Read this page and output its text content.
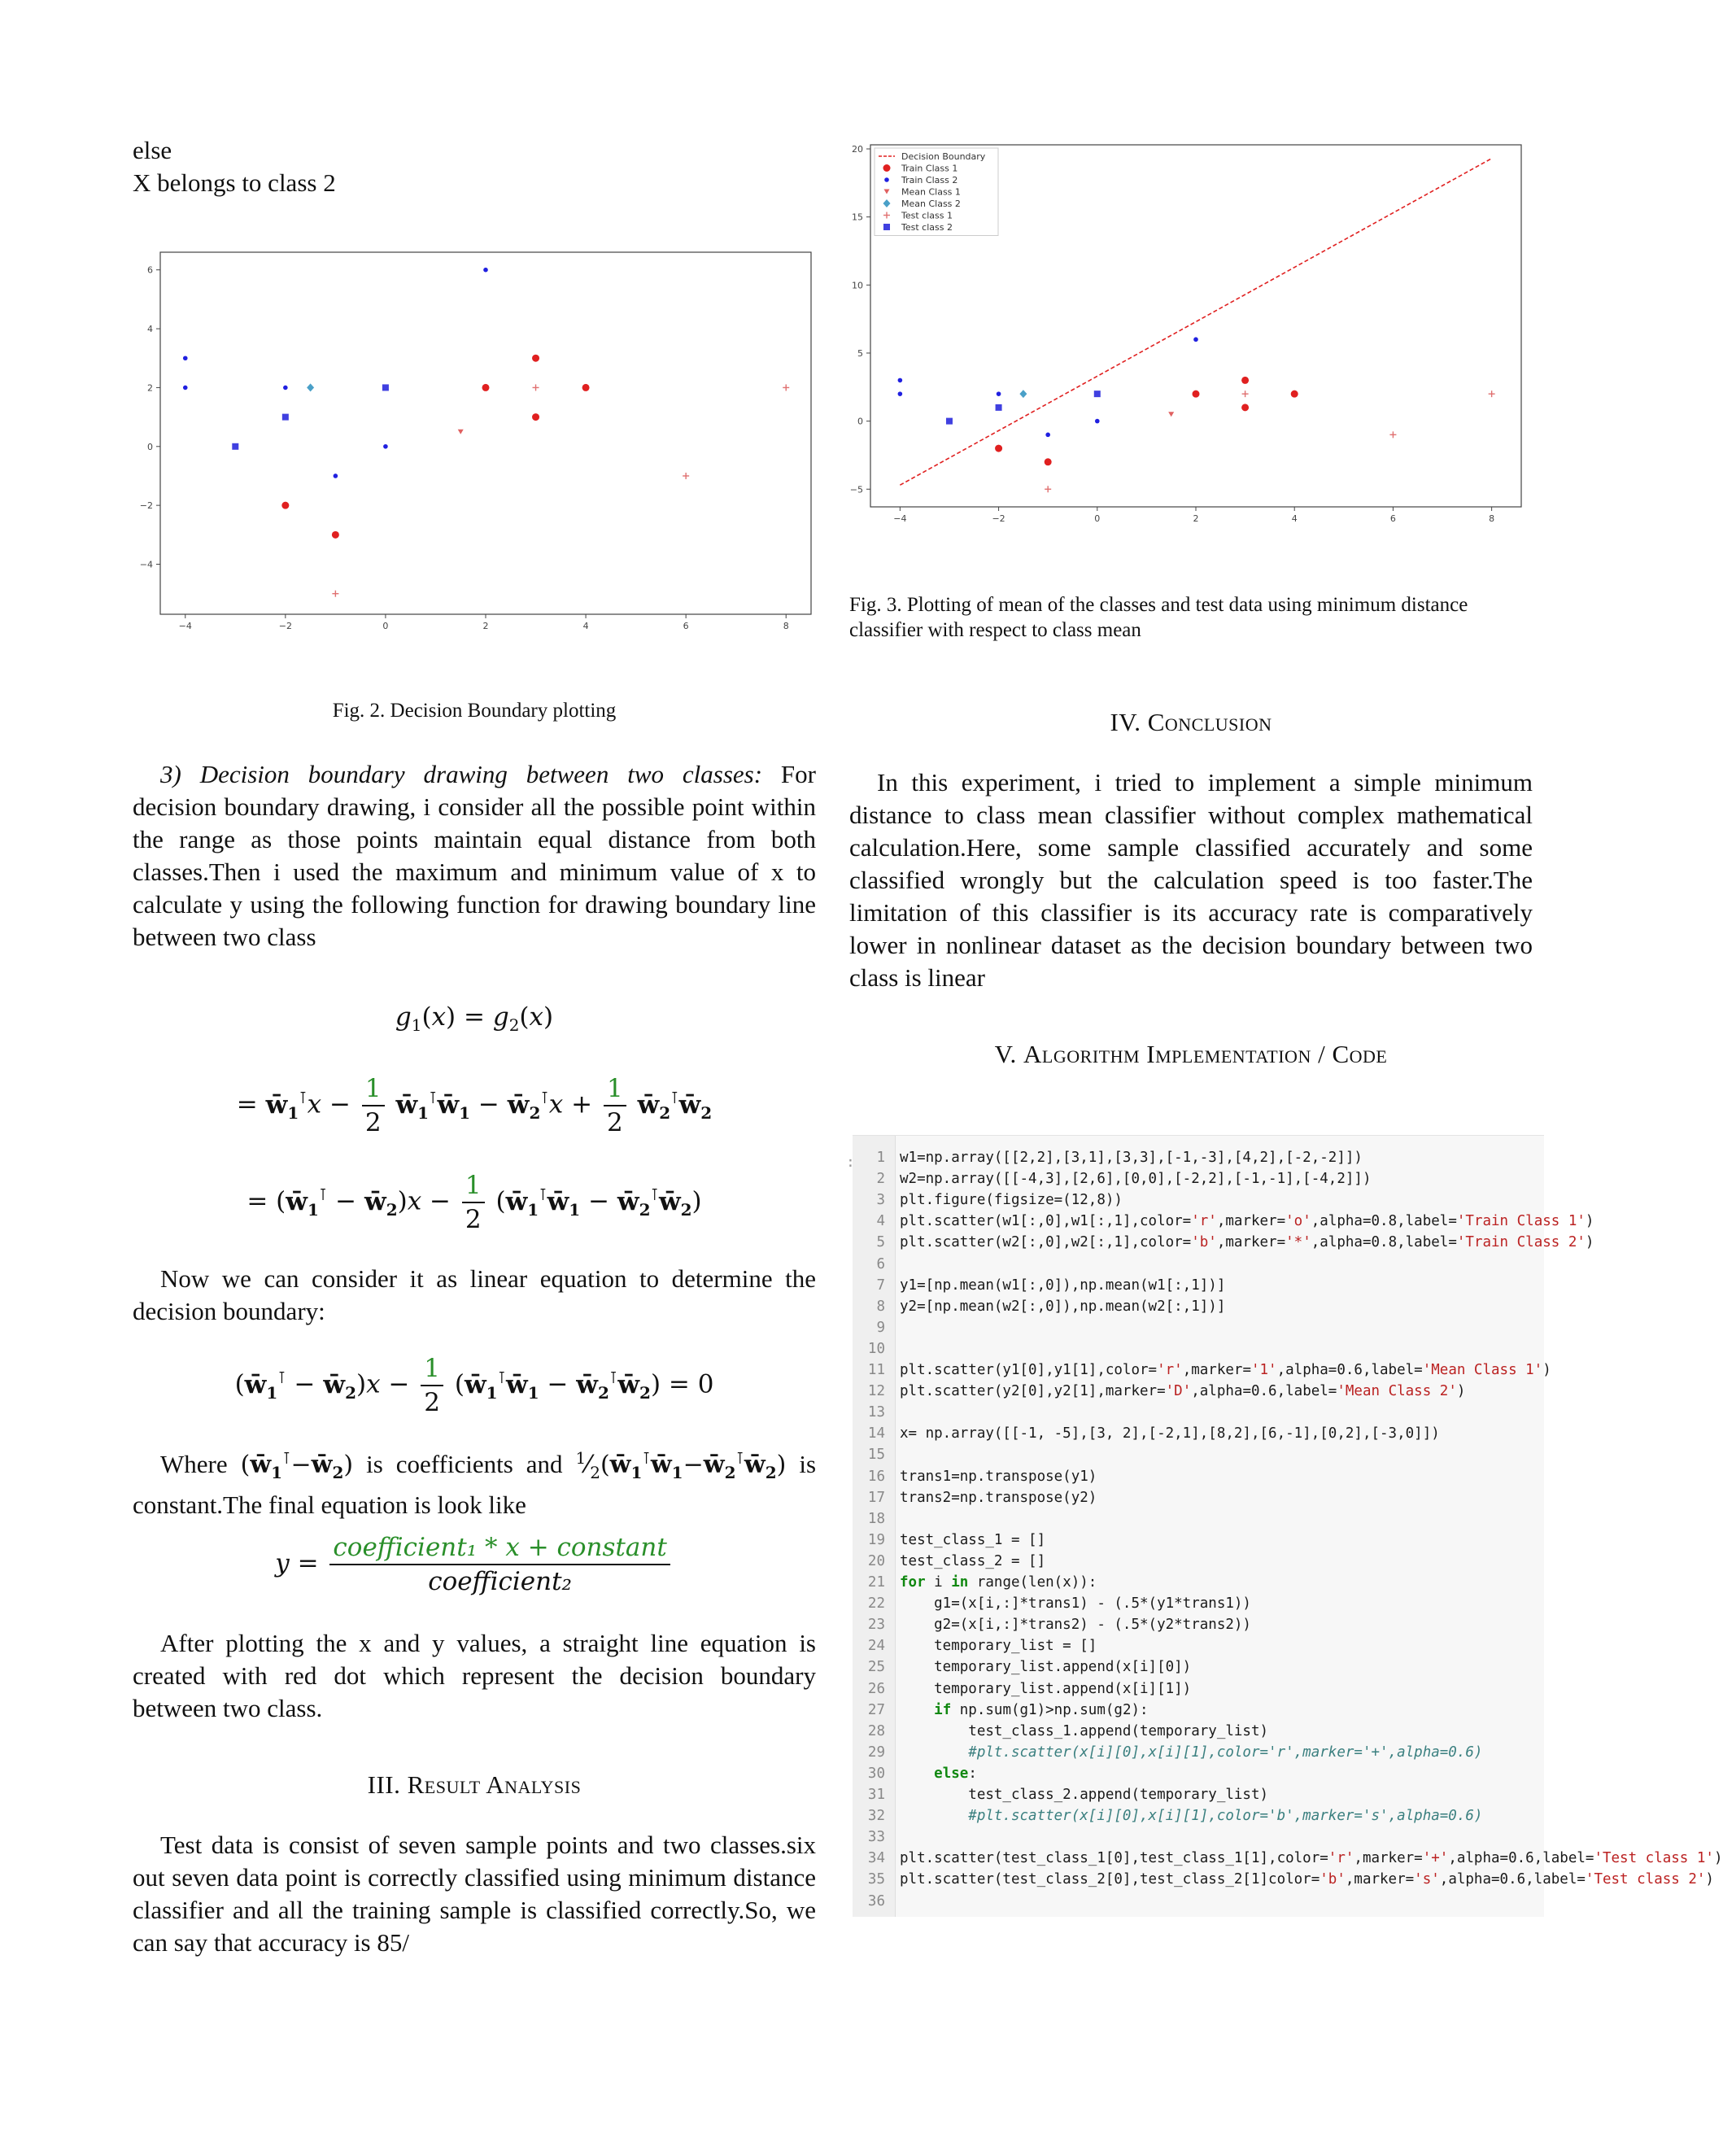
else

X belongs to class 2

−4	−2	0	2	4	6	8
−4
−2
0
2
4
6

Fig. 2. Decision Boundary plotting

3) Decision boundary drawing between two classes: For decision boundary drawing, i consider all the possible point within the range as those points maintain equal distance from both classes.Then i used the maximum and minimum value of x to calculate y using the following function for drawing boundary line between two class

$g_1(x) = g_2(x)$
= $w̄_1^⊺x - \frac{1}{2}$ $w̄_1^⊺w̄_1$ − $w̄_2^⊺x + \frac{1}{2}$ $w̄_2^⊺w̄_2$
= ($w̄_1^⊺$ − $w̄_2)x - \frac{1}{2}$ ($w̄_1^⊺w̄_1$ − $w̄_2^⊺w̄_2$)

Now we can consider it as linear equation to determine the decision boundary:

($w̄_1^⊺$ − $w̄_2)x - \frac{1}{2}$ ($w̄_1^⊺w̄_1$ − $w̄_2^⊺w̄_2) = 0$

Where $(w̄_1^⊺-w̄_2)$ is coefficients and $^1⁄_2(w̄_1^⊺w̄_1-w̄_2^⊺w̄_2)$ is constant.The final equation is look like

$y = \frac{\text{coefficient₁ * x + constant}}{\text{coefficient₂}}$

After plotting the x and y values, a straight line equation is created with red dot which represent the decision boundary between two class.

III. Result Analysis

Test data is consist of seven sample points and two classes.six out seven data point is correctly classified using minimum distance classifier and all the training sample is classified correctly.So, we can say that accuracy is 85/

−4	−2	0	2	4	6	8
−5
0
5
10
15
20
Decision Boundary
Train Class 1
Train Class 2
Mean Class 1
Mean Class 2
Test class 1
Test class 2

Fig. 3. Plotting of mean of the classes and test data using minimum distance classifier with respect to class mean

IV. Conclusion

In this experiment, i tried to implement a simple minimum distance to class mean classifier without complex mathematical calculation.Here, some sample classified accurately and some classified wrongly but the calculation speed is too faster.The limitation of this classifier is its accuracy rate is comparatively lower in nonlinear dataset as the decision boundary between two class is linear

V. Algorithm Implementation / Code
:	1 w1=np.array([[2,2],[3,1],[3,3],[-1,-3],[4,2],[-2,-2]])
2 w2=np.array([[-4,3],[2,6],[0,0],[-2,2],[-1,-1],[-4,2]])
3 plt.figure(figsize=(12,8))
4 plt.scatter(w1[:,0],w1[:,1],color='r',marker='o',alpha=0.8,label='Train Class 1')
5 plt.scatter(w2[:,0],w2[:,1],color='b',marker='*',alpha=0.8,label='Train Class 2')
6
7 y1=[np.mean(w1[:,0]),np.mean(w1[:,1])]
8 y2=[np.mean(w2[:,0]),np.mean(w2[:,1])]
9
10
11 plt.scatter(y1[0],y1[1],color='r',marker='1',alpha=0.6,label='Mean Class 1')
12 plt.scatter(y2[0],y2[1],marker='D',alpha=0.6,label='Mean Class 2')
13
14 x= np.array([[-1, -5],[3, 2],[-2,1],[8,2],[6,-1],[0,2],[-3,0]])
15
16 trans1=np.transpose(y1)
17 trans2=np.transpose(y2)
18
19 test_class_1 = []
20 test_class_2 = []
21 for i in range(len(x)):
22    g1=(x[i,:]*trans1) - (.5*(y1*trans1))
23    g2=(x[i,:]*trans2) - (.5*(y2*trans2))
24    temporary_list = []
25    temporary_list.append(x[i][0])
26    temporary_list.append(x[i][1])
27	if np.sum(g1)>np.sum(g2):
28        test_class_1.append(temporary_list)
29        #plt.scatter(x[i][0],x[i][1],color='r',marker='+',alpha=0.6)
30	else:
31        test_class_2.append(temporary_list)
32        #plt.scatter(x[i][0],x[i][1],color='b',marker='s',alpha=0.6)
33
34 plt.scatter(test_class_1[0],test_class_1[1],color='r',marker='+',alpha=0.6,label='Test class 1')
35 plt.scatter(test_class_2[0],test_class_2[1]color='b',marker='s',alpha=0.6,label='Test class 2')
36
